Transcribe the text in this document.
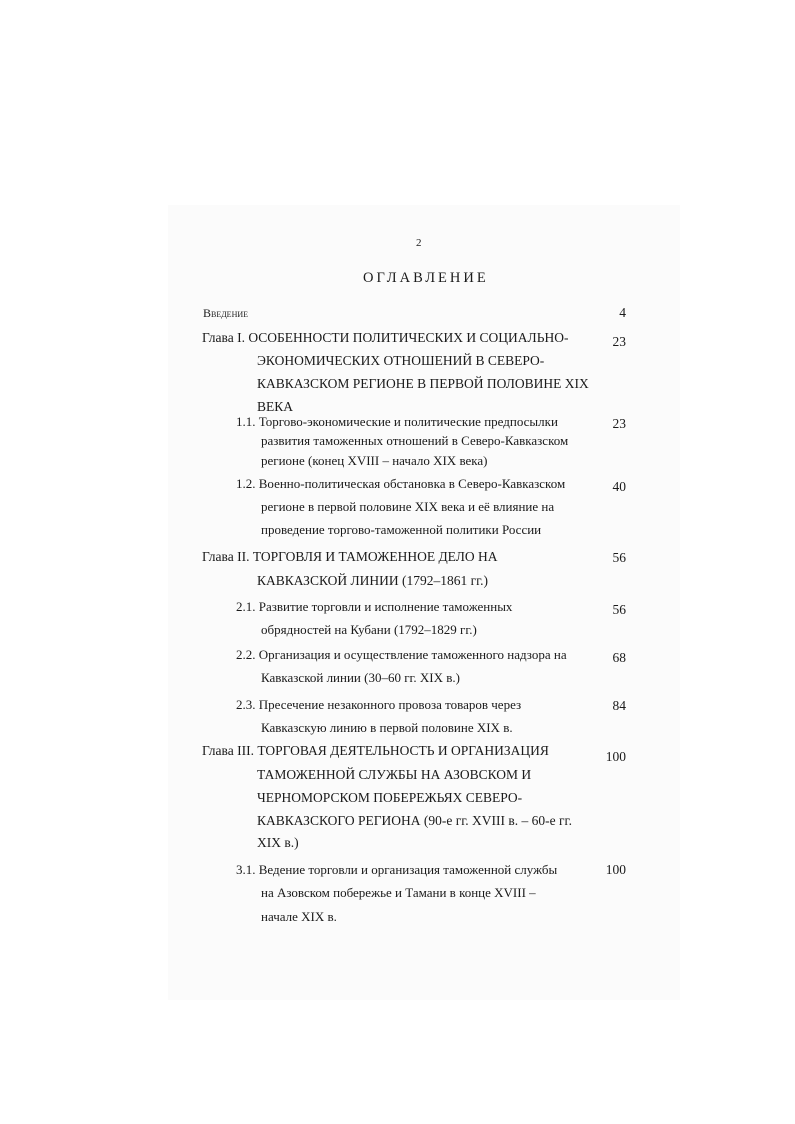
2
ОГЛАВЛЕНИЕ
Введение	4
Глава I. ОСОБЕННОСТИ ПОЛИТИЧЕСКИХ И СОЦИАЛЬНО-
ЭКОНОМИЧЕСКИХ ОТНОШЕНИЙ В СЕВЕРО-
КАВКАЗСКОМ РЕГИОНЕ В ПЕРВОЙ ПОЛОВИНЕ XIX
ВЕКА
23
1.1. Торгово-экономические и политические предпосылки
развития таможенных отношений в Северо-Кавказском
регионе (конец XVIII – начало XIX века)
23
1.2. Военно-политическая обстановка в Северо-Кавказском
регионе в первой половине XIX века и её влияние на
проведение торгово-таможенной политики России
40
Глава II. ТОРГОВЛЯ И ТАМОЖЕННОЕ ДЕЛО НА
КАВКАЗСКОЙ ЛИНИИ (1792–1861 гг.)
56
2.1. Развитие торговли и исполнение таможенных
обрядностей на Кубани (1792–1829 гг.)
56
2.2. Организация и осуществление таможенного надзора на
Кавказской линии (30–60 гг. XIX в.)
68
2.3. Пресечение незаконного провоза товаров через
Кавказскую линию в первой половине XIX в.
84
Глава III. ТОРГОВАЯ ДЕЯТЕЛЬНОСТЬ И ОРГАНИЗАЦИЯ
ТАМОЖЕННОЙ СЛУЖБЫ НА АЗОВСКОМ И
ЧЕРНОМОРСКОМ ПОБЕРЕЖЬЯХ СЕВЕРО-
КАВКАЗСКОГО РЕГИОНА (90-е гг. XVIII в. – 60-е гг.
XIX в.)
100
3.1. Ведение торговли и организация таможенной службы
на Азовском побережье и Тамани в конце XVIII –
начале XIX в.
100
